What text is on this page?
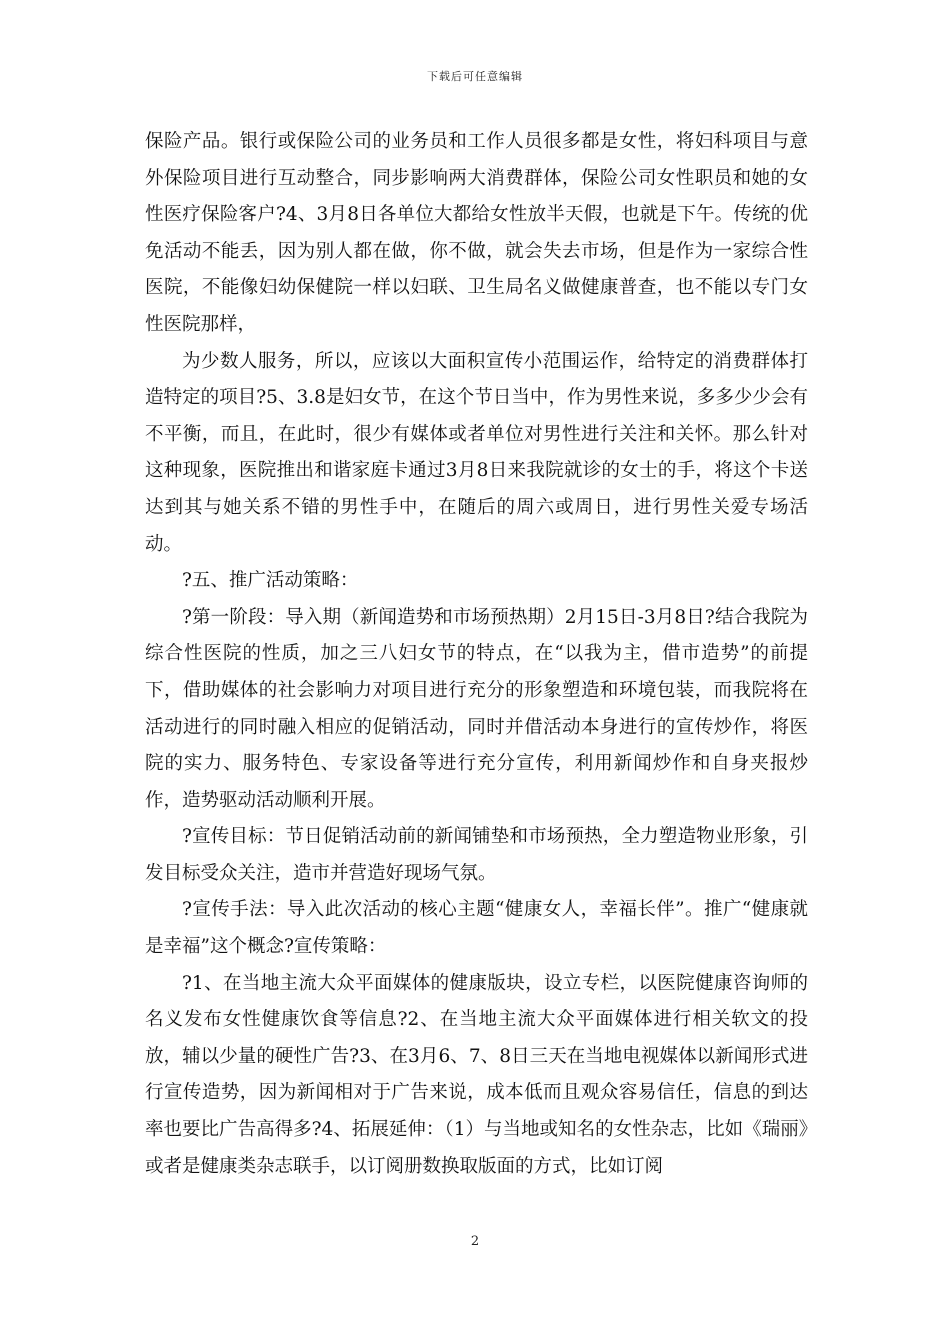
下载后可任意编辑

保险产品。银行或保险公司的业务员和工作人员很多都是女性，将妇科项目与意外保险项目进行互动整合，同步影响两大消费群体，保险公司女性职员和她的女性医疗保险客户?4、3月8日各单位大都给女性放半天假，也就是下午。传统的优免活动不能丢，因为别人都在做，你不做，就会失去市场，但是作为一家综合性医院，不能像妇幼保健院一样以妇联、卫生局名义做健康普查，也不能以专门女性医院那样，

为少数人服务，所以，应该以大面积宣传小范围运作，给特定的消费群体打造特定的项目?5、3.8是妇女节，在这个节日当中，作为男性来说，多多少少会有不平衡，而且，在此时，很少有媒体或者单位对男性进行关注和关怀。那么针对这种现象，医院推出和谐家庭卡通过3月8日来我院就诊的女士的手，将这个卡送达到其与她关系不错的男性手中，在随后的周六或周日，进行男性关爱专场活动。

?五、推广活动策略：

?第一阶段：导入期（新闻造势和市场预热期）2月15日-3月8日?结合我院为综合性医院的性质，加之三八妇女节的特点，在“以我为主，借市造势”的前提下，借助媒体的社会影响力对项目进行充分的形象塑造和环境包装，而我院将在活动进行的同时融入相应的促销活动，同时并借活动本身进行的宣传炒作，将医院的实力、服务特色、专家设备等进行充分宣传，利用新闻炒作和自身夹报炒作，造势驱动活动顺利开展。

?宣传目标：节日促销活动前的新闻铺垫和市场预热，全力塑造物业形象，引发目标受众关注，造市并营造好现场气氛。

?宣传手法：导入此次活动的核心主题“健康女人，幸福长伴”。推广“健康就是幸福”这个概念?宣传策略：

?1、在当地主流大众平面媒体的健康版块，设立专栏，以医院健康咨询师的名义发布女性健康饮食等信息?2、在当地主流大众平面媒体进行相关软文的投放，辅以少量的硬性广告?3、在3月6、7、8日三天在当地电视媒体以新闻形式进行宣传造势，因为新闻相对于广告来说，成本低而且观众容易信任，信息的到达率也要比广告高得多?4、拓展延伸：（1）与当地或知名的女性杂志，比如《瑞丽》或者是健康类杂志联手，以订阅册数换取版面的方式，比如订阅

2
